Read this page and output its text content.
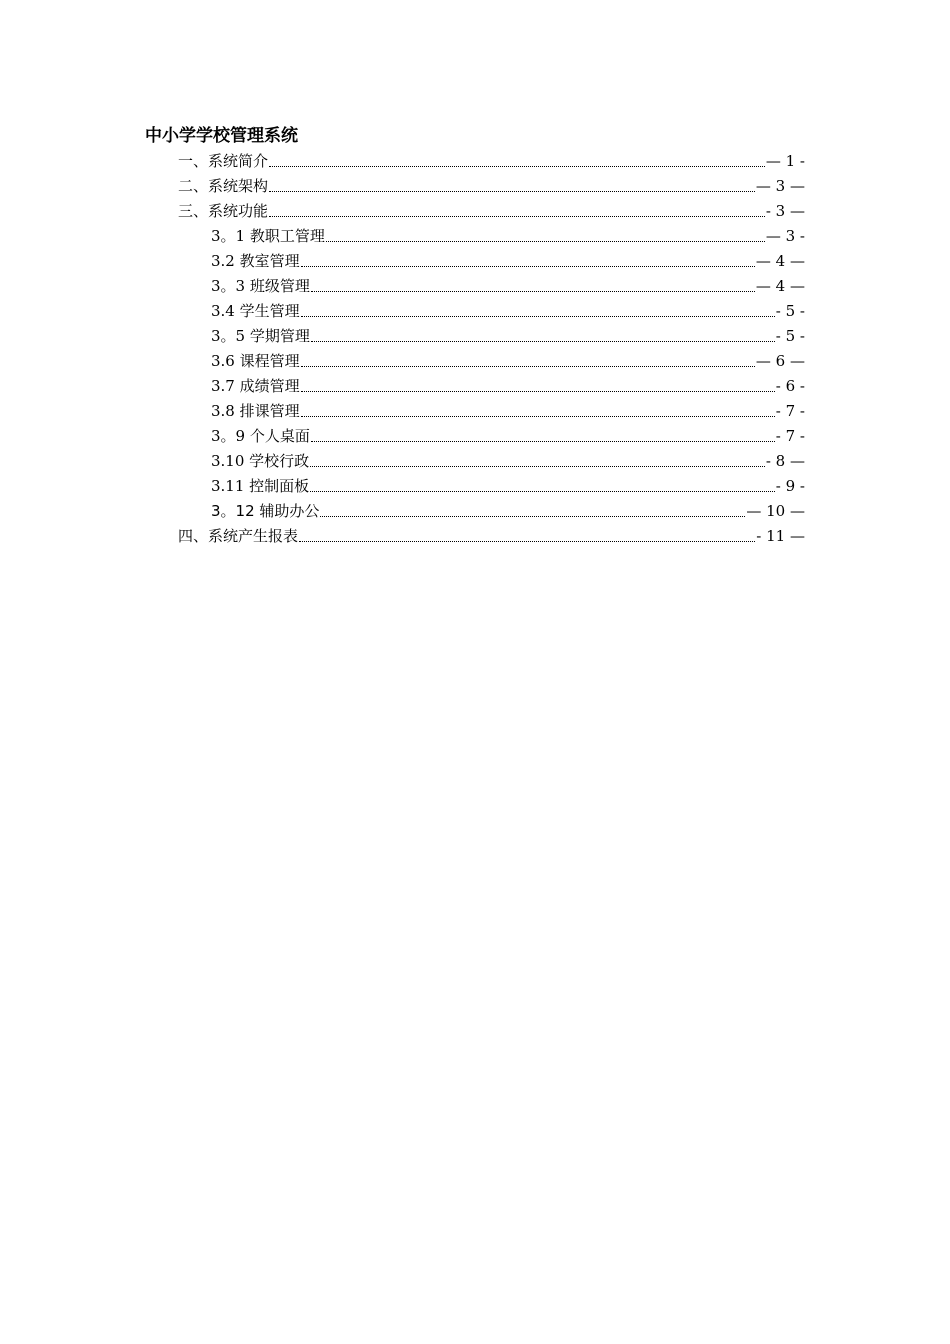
中小学学校管理系统
一、系统简介	— 1 -
二、系统架构	— 3 —
三、系统功能	- 3 —
3。1 教职工管理	— 3 -
3.2 教室管理	— 4 —
3。3 班级管理	— 4 —
3.4 学生管理	- 5 -
3。5 学期管理	- 5 -
3.6 课程管理	— 6 —
3.7 成绩管理	- 6 -
3.8 排课管理	- 7 -
3。9 个人桌面	- 7 -
3.10 学校行政	- 8 —
3.11 控制面板	- 9 -
3。12 辅助办公	— 10 —
四、系统产生报表	- 11 —
